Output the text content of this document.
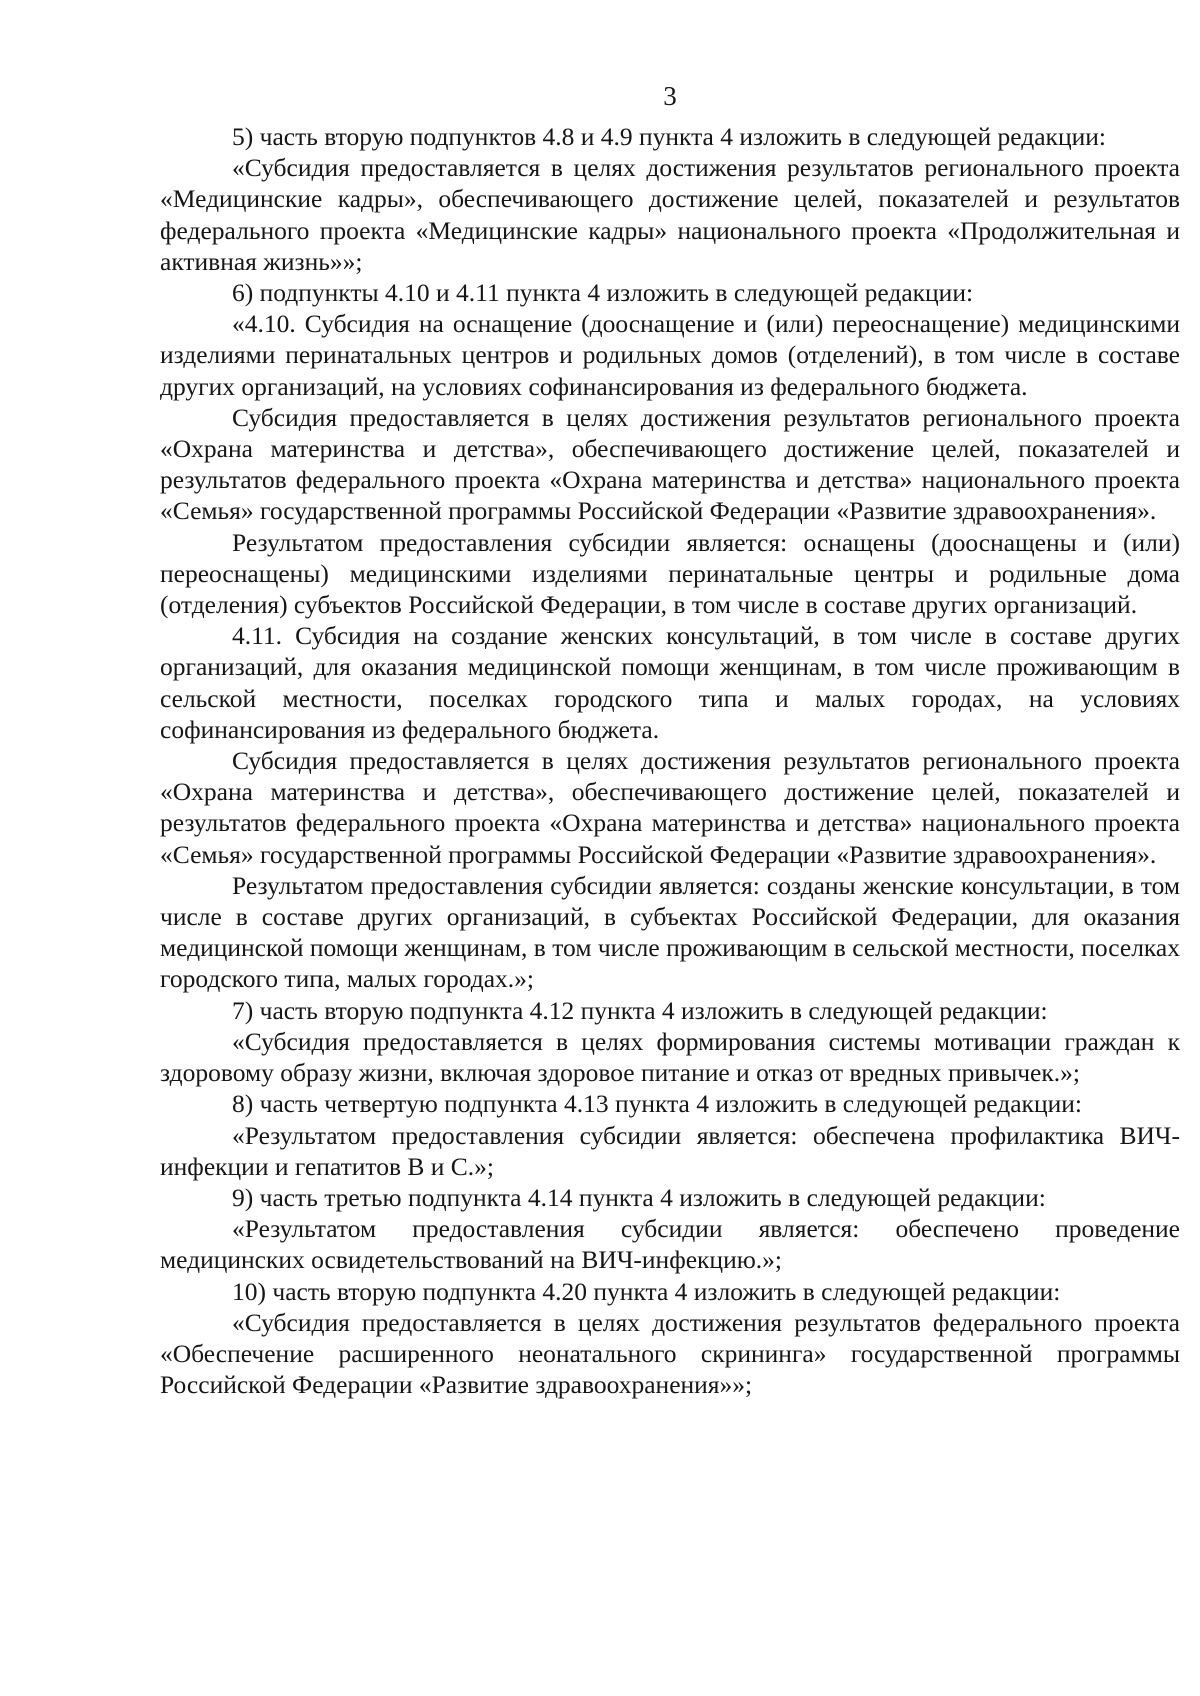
3

5) часть вторую подпунктов 4.8 и 4.9 пункта 4 изложить в следующей редакции:

«Субсидия предоставляется в целях достижения результатов регионального проекта «Медицинские кадры», обеспечивающего достижение целей, показателей и результатов федерального проекта «Медицинские кадры» национального проекта «Продолжительная и активная жизнь»»;

6) подпункты 4.10 и 4.11 пункта 4 изложить в следующей редакции:

«4.10. Субсидия на оснащение (дооснащение и (или) переоснащение) медицинскими изделиями перинатальных центров и родильных домов (отделений), в том числе в составе других организаций, на условиях софинансирования из федерального бюджета.

Субсидия предоставляется в целях достижения результатов регионального проекта «Охрана материнства и детства», обеспечивающего достижение целей, показателей и результатов федерального проекта «Охрана материнства и детства» национального проекта «Семья» государственной программы Российской Федерации «Развитие здравоохранения».

Результатом предоставления субсидии является: оснащены (дооснащены и (или) переоснащены) медицинскими изделиями перинатальные центры и родильные дома (отделения) субъектов Российской Федерации, в том числе в составе других организаций.

4.11. Субсидия на создание женских консультаций, в том числе в составе других организаций, для оказания медицинской помощи женщинам, в том числе проживающим в сельской местности, поселках городского типа и малых городах, на условиях софинансирования из федерального бюджета.

Субсидия предоставляется в целях достижения результатов регионального проекта «Охрана материнства и детства», обеспечивающего достижение целей, показателей и результатов федерального проекта «Охрана материнства и детства» национального проекта «Семья» государственной программы Российской Федерации «Развитие здравоохранения».

Результатом предоставления субсидии является: созданы женские консультации, в том числе в составе других организаций, в субъектах Российской Федерации, для оказания медицинской помощи женщинам, в том числе проживающим в сельской местности, поселках городского типа, малых городах.»;

7) часть вторую подпункта 4.12 пункта 4 изложить в следующей редакции:

«Субсидия предоставляется в целях формирования системы мотивации граждан к здоровому образу жизни, включая здоровое питание и отказ от вредных привычек.»;

8) часть четвертую подпункта 4.13 пункта 4 изложить в следующей редакции:

«Результатом предоставления субсидии является: обеспечена профилактика ВИЧ-инфекции и гепатитов В и С.»;

9) часть третью подпункта 4.14 пункта 4 изложить в следующей редакции:

«Результатом предоставления субсидии является: обеспечено проведение медицинских освидетельствований на ВИЧ-инфекцию.»;

10) часть вторую подпункта 4.20 пункта 4 изложить в следующей редакции:

«Субсидия предоставляется в целях достижения результатов федерального проекта «Обеспечение расширенного неонатального скрининга» государственной программы Российской Федерации «Развитие здравоохранения»»;
